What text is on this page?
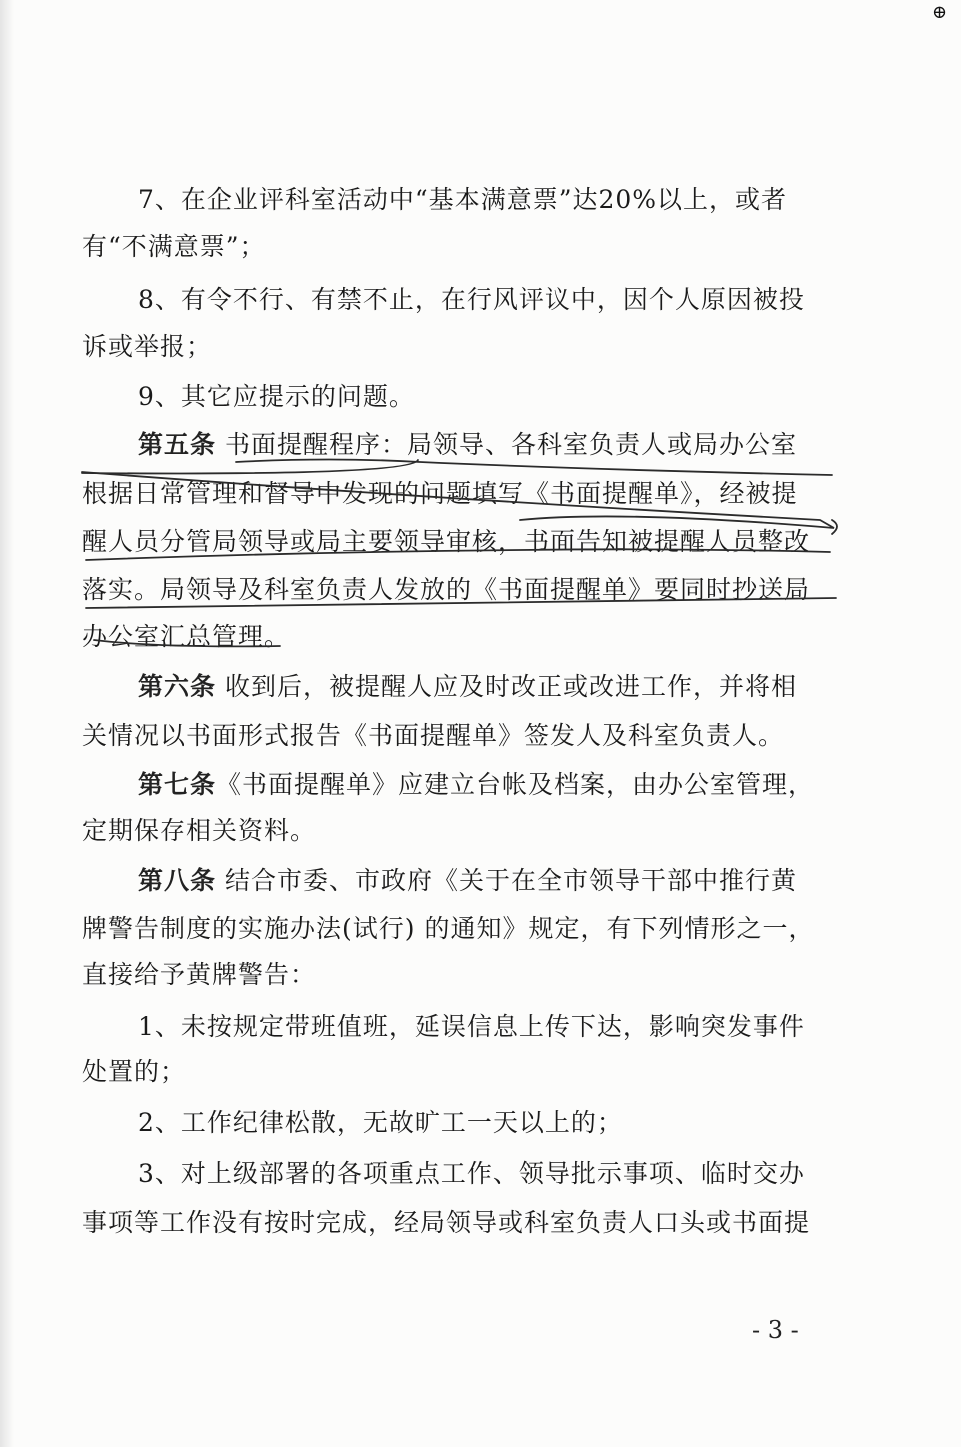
⊕
7、在企业评科室活动中“基本满意票”达20%以上，或者
有“不满意票”；
8、有令不行、有禁不止，在行风评议中，因个人原因被投
诉或举报；
9、其它应提示的问题。
第五条 书面提醒程序：局领导、各科室负责人或局办公室
根据日常管理和督导中发现的问题填写《书面提醒单》，经被提
醒人员分管局领导或局主要领导审核，书面告知被提醒人员整改
落实。局领导及科室负责人发放的《书面提醒单》要同时抄送局
办公室汇总管理。
第六条 收到后，被提醒人应及时改正或改进工作，并将相
关情况以书面形式报告《书面提醒单》签发人及科室负责人。
第七条《书面提醒单》应建立台帐及档案，由办公室管理，
定期保存相关资料。
第八条 结合市委、市政府《关于在全市领导干部中推行黄
牌警告制度的实施办法(试行) 的通知》规定，有下列情形之一，
直接给予黄牌警告：
1、未按规定带班值班，延误信息上传下达，影响突发事件
处置的；
2、工作纪律松散，无故旷工一天以上的；
3、对上级部署的各项重点工作、领导批示事项、临时交办
事项等工作没有按时完成，经局领导或科室负责人口头或书面提
- 3 -
